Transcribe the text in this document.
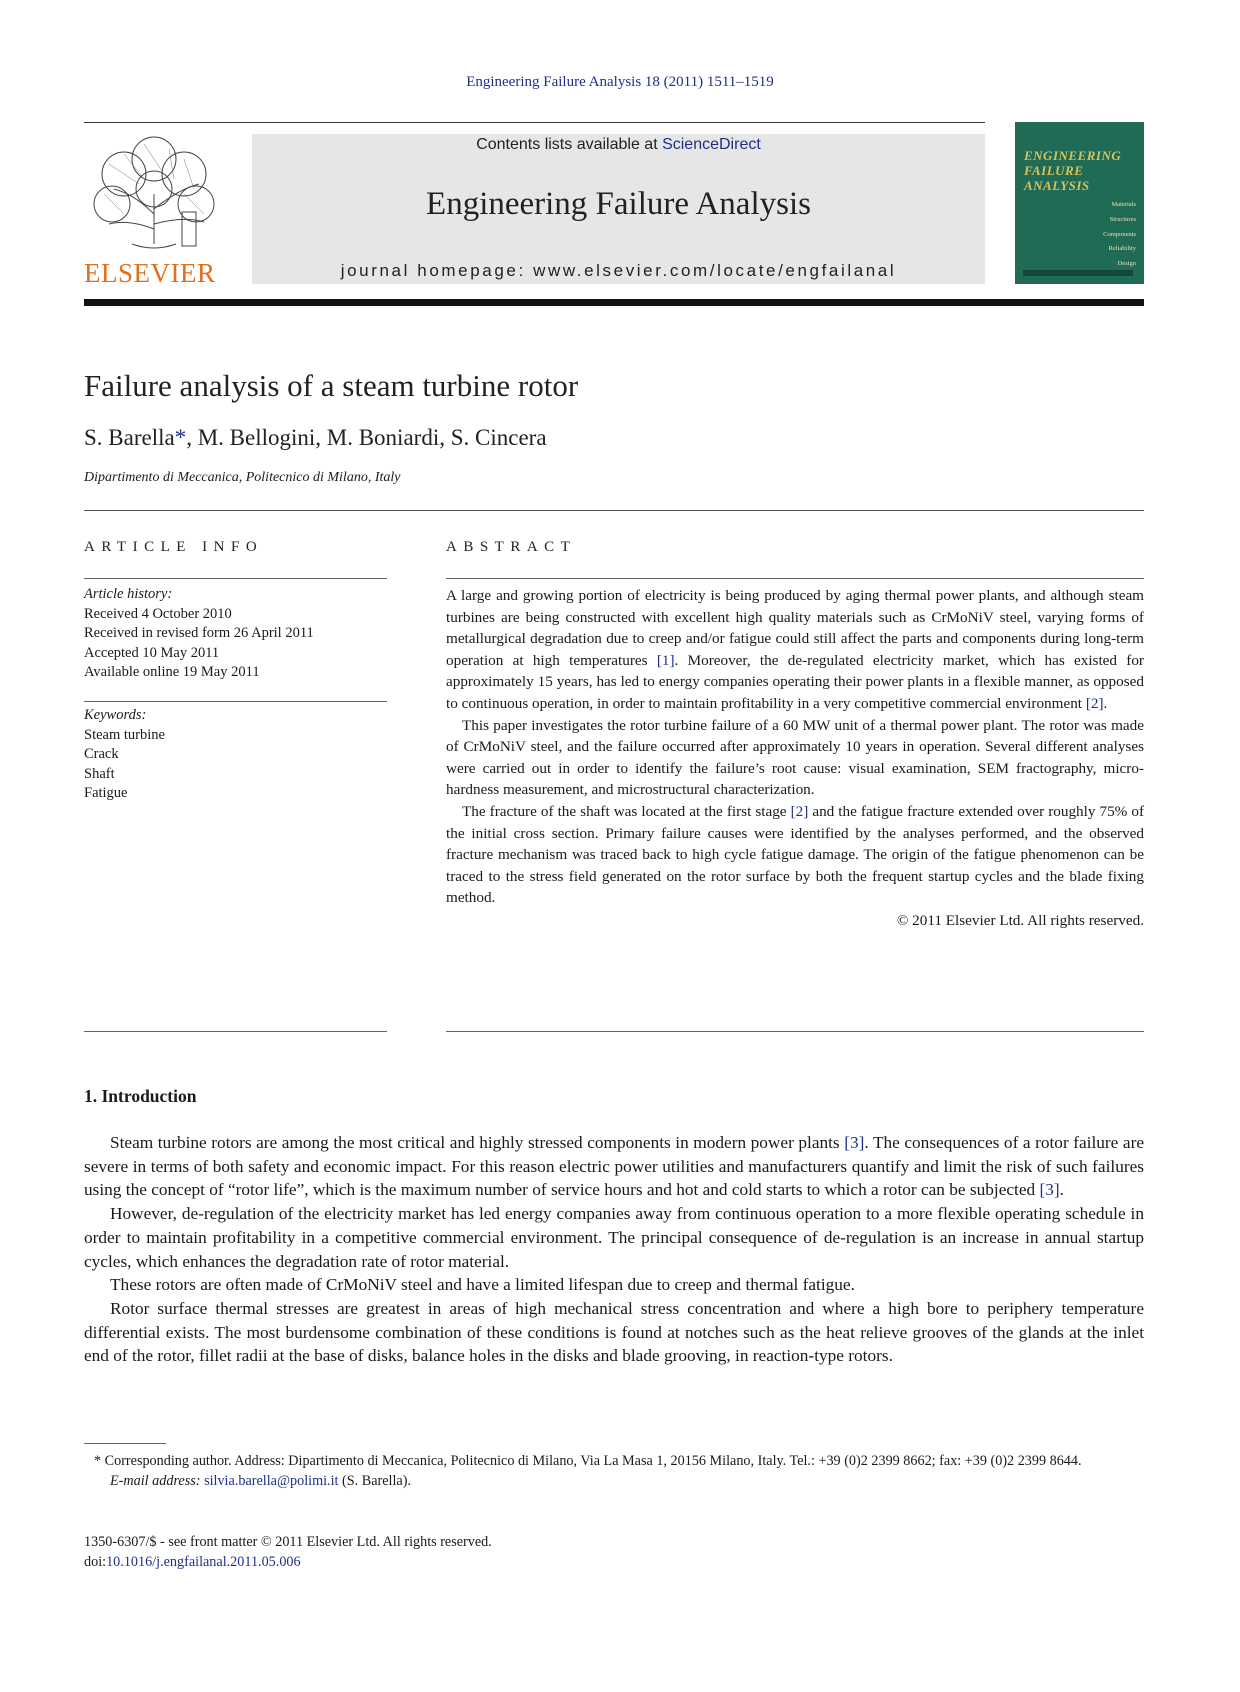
Engineering Failure Analysis 18 (2011) 1511–1519
ELSEVIER
Contents lists available at ScienceDirect
Engineering Failure Analysis
journal homepage: www.elsevier.com/locate/engfailanal
ENGINEERING
FAILURE
ANALYSIS
Materials
Structures
Components
Reliability
Design
Failure analysis of a steam turbine rotor
S. Barella*, M. Bellogini, M. Boniardi, S. Cincera
Dipartimento di Meccanica, Politecnico di Milano, Italy
ARTICLE INFO
Article history:
Received 4 October 2010
Received in revised form 26 April 2011
Accepted 10 May 2011
Available online 19 May 2011
Keywords:
Steam turbine
Crack
Shaft
Fatigue
ABSTRACT

A large and growing portion of electricity is being produced by aging thermal power plants, and although steam turbines are being constructed with excellent high quality materials such as CrMoNiV steel, varying forms of metallurgical degradation due to creep and/or fatigue could still affect the parts and components during long-term operation at high temperatures [1]. Moreover, the de-regulated electricity market, which has existed for approximately 15 years, has led to energy companies operating their power plants in a flexible manner, as opposed to continuous operation, in order to maintain profitability in a very competitive commercial environment [2].

This paper investigates the rotor turbine failure of a 60 MW unit of a thermal power plant. The rotor was made of CrMoNiV steel, and the failure occurred after approximately 10 years in operation. Several different analyses were carried out in order to identify the failure’s root cause: visual examination, SEM fractography, micro-hardness measurement, and microstructural characterization.

The fracture of the shaft was located at the first stage [2] and the fatigue fracture extended over roughly 75% of the initial cross section. Primary failure causes were identified by the analyses performed, and the observed fracture mechanism was traced back to high cycle fatigue damage. The origin of the fatigue phenomenon can be traced to the stress field generated on the rotor surface by both the frequent startup cycles and the blade fixing method.

© 2011 Elsevier Ltd. All rights reserved.
1. Introduction

Steam turbine rotors are among the most critical and highly stressed components in modern power plants [3]. The consequences of a rotor failure are severe in terms of both safety and economic impact. For this reason electric power utilities and manufacturers quantify and limit the risk of such failures using the concept of “rotor life”, which is the maximum number of service hours and hot and cold starts to which a rotor can be subjected [3].

However, de-regulation of the electricity market has led energy companies away from continuous operation to a more flexible operating schedule in order to maintain profitability in a competitive commercial environment. The principal consequence of de-regulation is an increase in annual startup cycles, which enhances the degradation rate of rotor material.

These rotors are often made of CrMoNiV steel and have a limited lifespan due to creep and thermal fatigue.

Rotor surface thermal stresses are greatest in areas of high mechanical stress concentration and where a high bore to periphery temperature differential exists. The most burdensome combination of these conditions is found at notches such as the heat relieve grooves of the glands at the inlet end of the rotor, fillet radii at the base of disks, balance holes in the disks and blade grooving, in reaction-type rotors.

* Corresponding author. Address: Dipartimento di Meccanica, Politecnico di Milano, Via La Masa 1, 20156 Milano, Italy. Tel.: +39 (0)2 2399 8662; fax: +39 (0)2 2399 8644.
E-mail address: silvia.barella@polimi.it (S. Barella).
1350-6307/$ - see front matter © 2011 Elsevier Ltd. All rights reserved.
doi:10.1016/j.engfailanal.2011.05.006
